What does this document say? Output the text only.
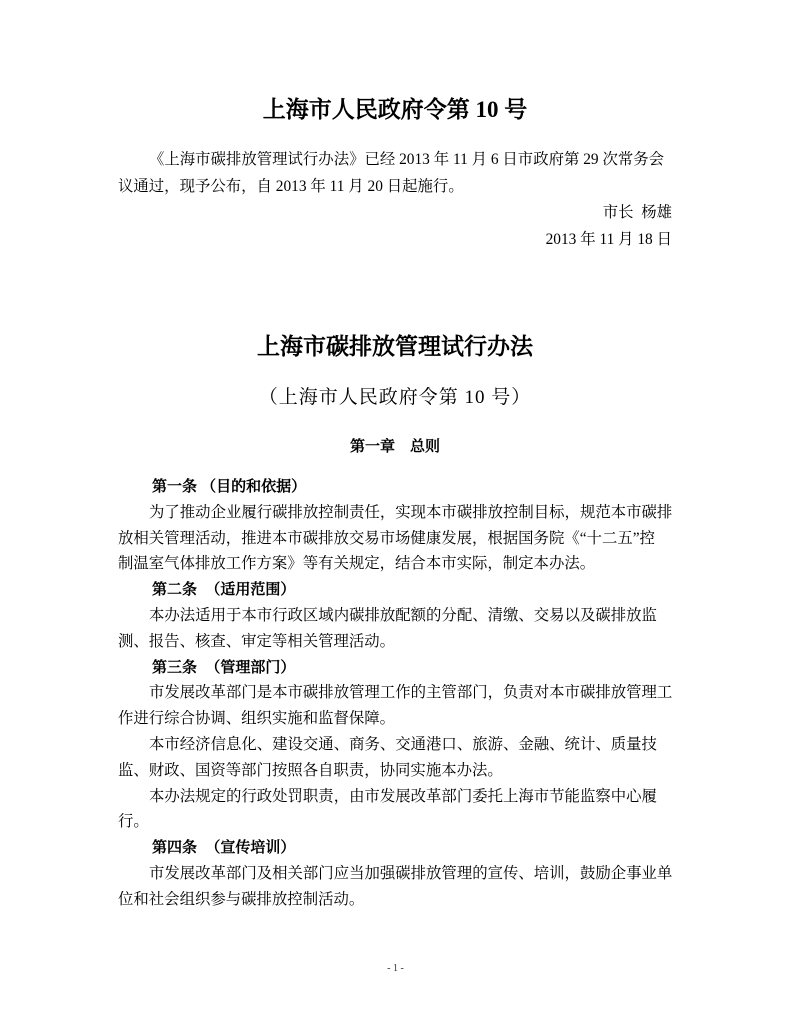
上海市人民政府令第 10 号
《上海市碳排放管理试行办法》已经 2013 年 11 月 6 日市政府第 29 次常务会
议通过，现予公布，自 2013 年 11 月 20 日起施行。
市长  杨雄
2013 年 11 月 18 日
上海市碳排放管理试行办法
（上海市人民政府令第 10 号）
第一章　总则
第一条 （目的和依据）
为了推动企业履行碳排放控制责任，实现本市碳排放控制目标，规范本市碳排
放相关管理活动，推进本市碳排放交易市场健康发展，根据国务院《“十二五”控
制温室气体排放工作方案》等有关规定，结合本市实际，制定本办法。
第二条  （适用范围）
本办法适用于本市行政区域内碳排放配额的分配、清缴、交易以及碳排放监
测、报告、核查、审定等相关管理活动。
第三条  （管理部门）
市发展改革部门是本市碳排放管理工作的主管部门，负责对本市碳排放管理工
作进行综合协调、组织实施和监督保障。
本市经济信息化、建设交通、商务、交通港口、旅游、金融、统计、质量技
监、财政、国资等部门按照各自职责，协同实施本办法。
本办法规定的行政处罚职责，由市发展改革部门委托上海市节能监察中心履
行。
第四条  （宣传培训）
市发展改革部门及相关部门应当加强碳排放管理的宣传、培训，鼓励企事业单
位和社会组织参与碳排放控制活动。
- 1 -
